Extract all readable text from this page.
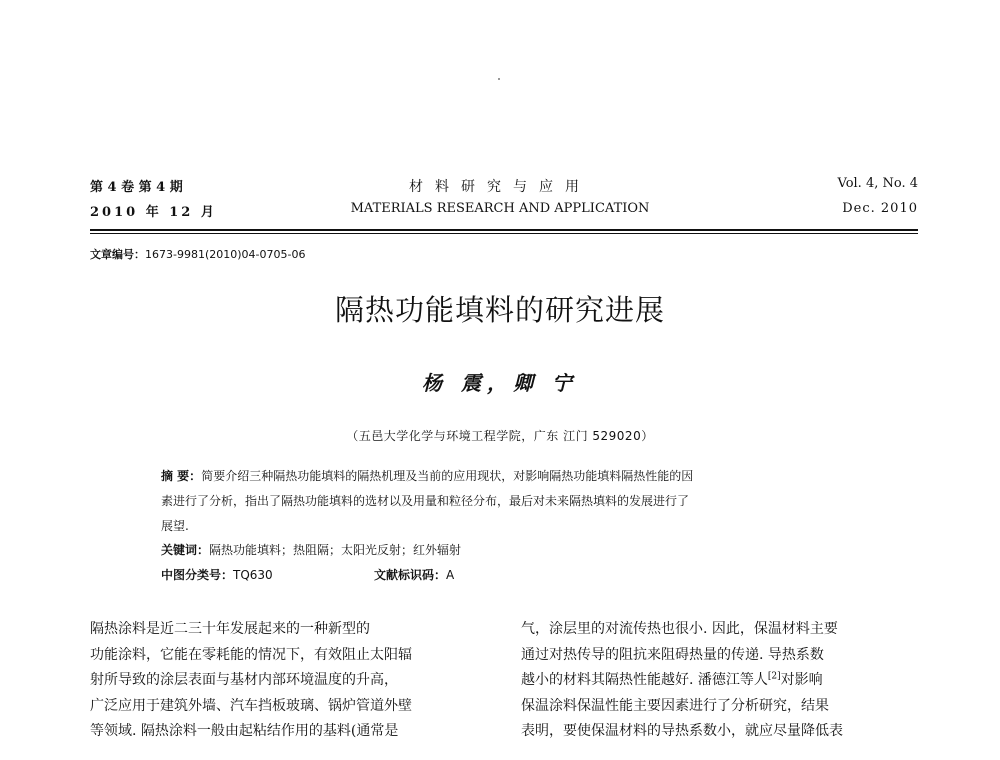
第 4 卷 第 4 期
2010 年 12 月
材料研究与应用
MATERIALS RESEARCH AND APPLICATION
Vol. 4, No. 4
Dec. 2010
文章编号：1673-9981(2010)04-0705-06
隔热功能填料的研究进展
杨 震，卿 宁
（五邑大学化学与环境工程学院，广东 江门 529020）
摘 要：简要介绍三种隔热功能填料的隔热机理及当前的应用现状，对影响隔热功能填料隔热性能的因
素进行了分析，指出了隔热功能填料的选材以及用量和粒径分布，最后对未来隔热填料的发展进行了
展望.
关键词：隔热功能填料；热阻隔；太阳光反射；红外辐射
中图分类号：TQ630	文献标识码：A
隔热涂料是近二三十年发展起来的一种新型的
功能涂料，它能在零耗能的情况下，有效阻止太阳辐
射所导致的涂层表面与基材内部环境温度的升高，
广泛应用于建筑外墙、汽车挡板玻璃、锅炉管道外壁
等领域. 隔热涂料一般由起粘结作用的基料(通常是
气，涂层里的对流传热也很小. 因此，保温材料主要
通过对热传导的阻抗来阻碍热量的传递. 导热系数
越小的材料其隔热性能越好. 潘德江等人[2]对影响
保温涂料保温性能主要因素进行了分析研究，结果
表明，要使保温材料的导热系数小，就应尽量降低表
